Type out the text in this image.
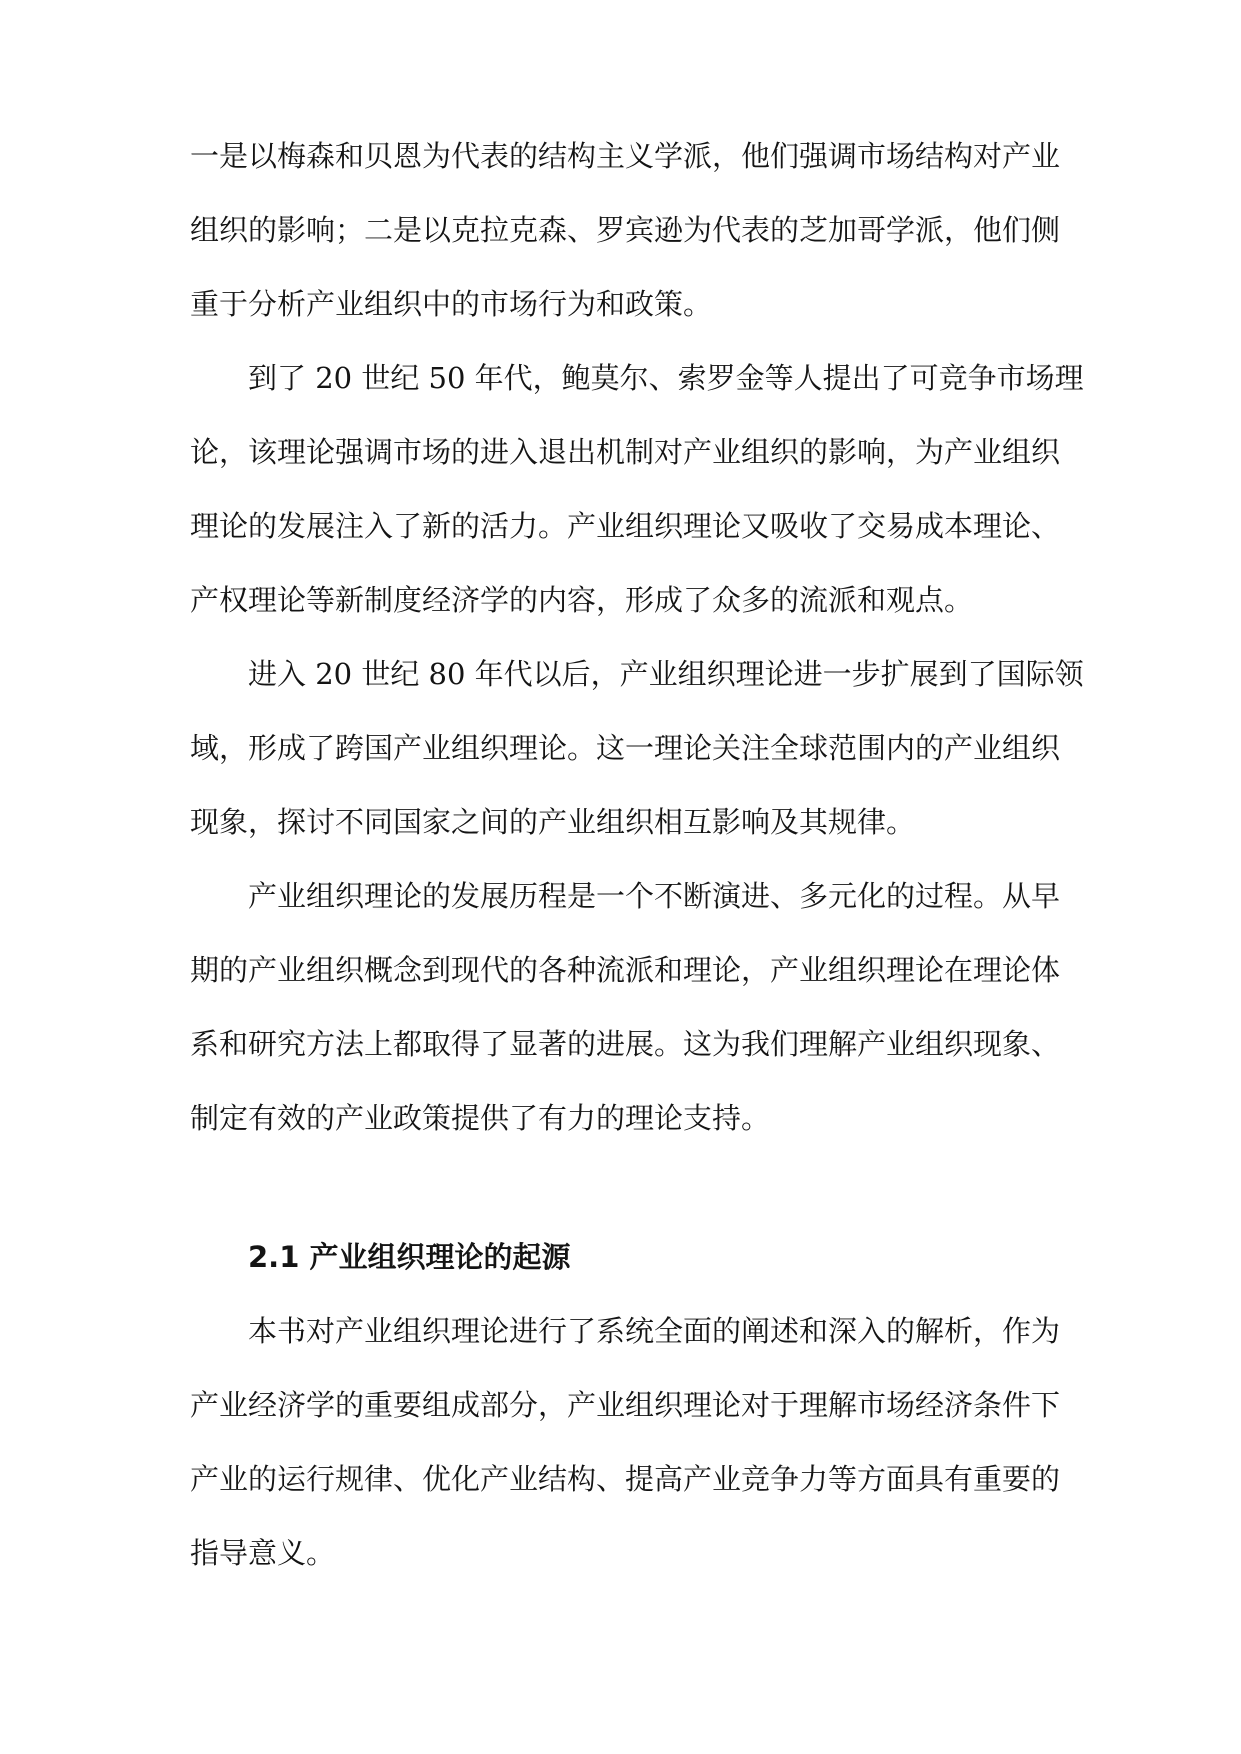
一是以梅森和贝恩为代表的结构主义学派，他们强调市场结构对产业
组织的影响；二是以克拉克森、罗宾逊为代表的芝加哥学派，他们侧
重于分析产业组织中的市场行为和政策。
到了 20 世纪 50 年代，鲍莫尔、索罗金等人提出了可竞争市场理
论，该理论强调市场的进入退出机制对产业组织的影响，为产业组织
理论的发展注入了新的活力。产业组织理论又吸收了交易成本理论、
产权理论等新制度经济学的内容，形成了众多的流派和观点。
进入 20 世纪 80 年代以后，产业组织理论进一步扩展到了国际领
域，形成了跨国产业组织理论。这一理论关注全球范围内的产业组织
现象，探讨不同国家之间的产业组织相互影响及其规律。
产业组织理论的发展历程是一个不断演进、多元化的过程。从早
期的产业组织概念到现代的各种流派和理论，产业组织理论在理论体
系和研究方法上都取得了显著的进展。这为我们理解产业组织现象、
制定有效的产业政策提供了有力的理论支持。
2.1 产业组织理论的起源
本书对产业组织理论进行了系统全面的阐述和深入的解析，作为
产业经济学的重要组成部分，产业组织理论对于理解市场经济条件下
产业的运行规律、优化产业结构、提高产业竞争力等方面具有重要的
指导意义。
